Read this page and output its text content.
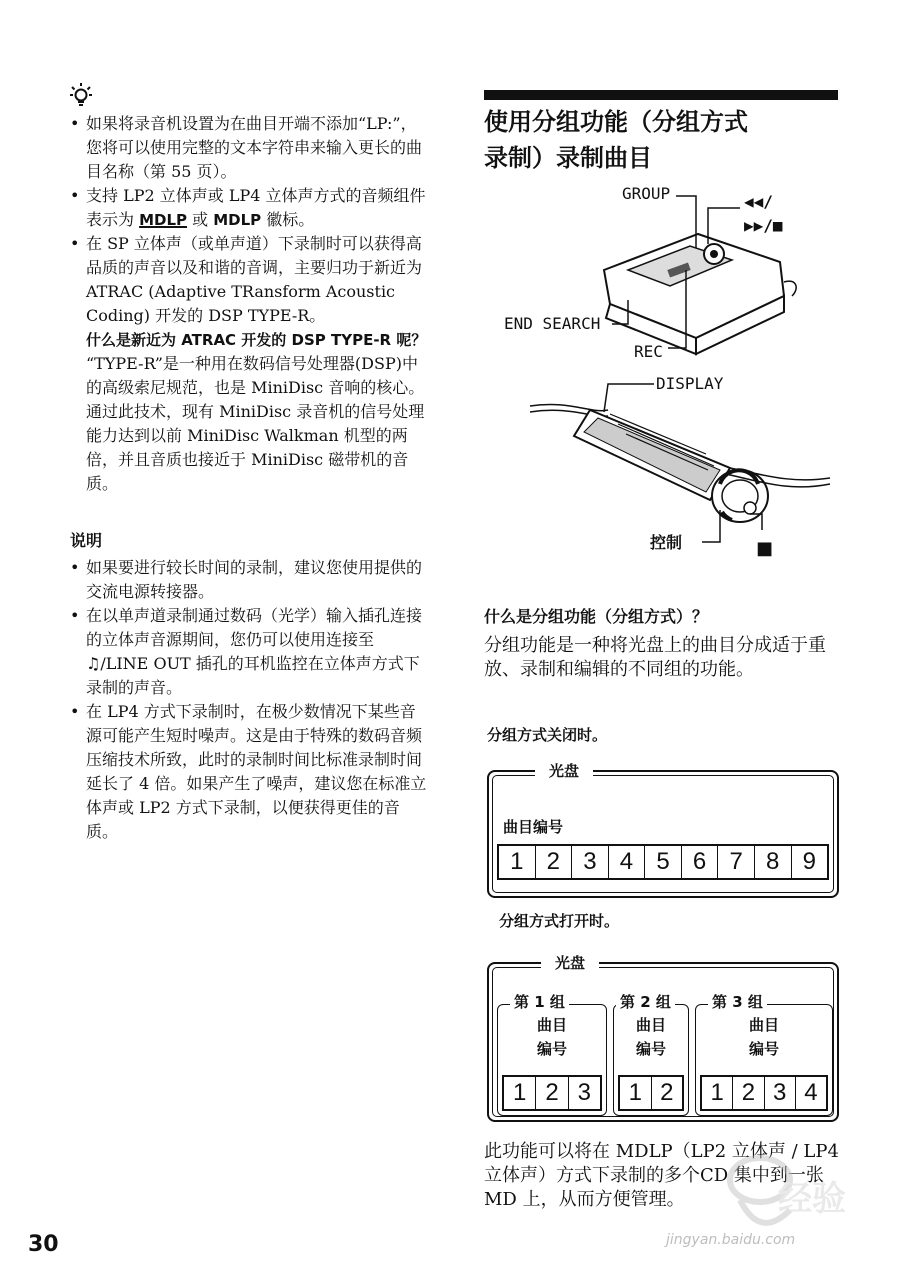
• 如果将录音机设置为在曲目开端不添加“LP:”，您将可以使用完整的文本字符串来输入更长的曲目名称（第 55 页）。

• 支持 LP2 立体声或 LP4 立体声方式的音频组件表示为 MDLP 或 MDLP 徽标。

• 在 SP 立体声（或单声道）下录制时可以获得高品质的声音以及和谐的音调，主要归功于新近为 ATRAC (Adaptive TRansform Acoustic Coding) 开发的 DSP TYPE-R。

什么是新近为 ATRAC 开发的 DSP TYPE-R 呢？

“TYPE-R”是一种用在数码信号处理器(DSP)中的高级索尼规范，也是 MiniDisc 音响的核心。通过此技术，现有 MiniDisc 录音机的信号处理能力达到以前 MiniDisc Walkman 机型的两倍，并且音质也接近于 MiniDisc 磁带机的音质。

说明

• 如果要进行较长时间的录制，建议您使用提供的交流电源转接器。

• 在以单声道录制通过数码（光学）输入插孔连接的立体声音源期间，您仍可以使用连接至 ♫/LINE OUT 插孔的耳机监控在立体声方式下录制的声音。

• 在 LP4 方式下录制时，在极少数情况下某些音源可能产生短时噪声。这是由于特殊的数码音频压缩技术所致，此时的录制时间比标准录制时间延长了 4 倍。如果产生了噪声，建议您在标准立体声或 LP2 方式下录制，以便获得更佳的音质。

30
使用分组功能（分组方式
录制）录制曲目
GROUP	◀◀/
▶▶/■
END SEARCH
REC
DISPLAY
控制	■
什么是分组功能（分组方式）？
分组功能是一种将光盘上的曲目分成适于重放、录制和编辑的不同组的功能。
分组方式关闭时。
光盘
曲目编号
1 2 3 4 5 6 7 8 9
分组方式打开时。
光盘
第 1 组
曲目
编号
1 2 3
第 2 组
曲目
编号
1 2
第 3 组
曲目
编号
1 2 3 4
此功能可以将在 MDLP（LP2 立体声 / LP4 立体声）方式下录制的多个CD 集中到一张 MD 上，从而方便管理。	经验
jingyan.baidu.com
